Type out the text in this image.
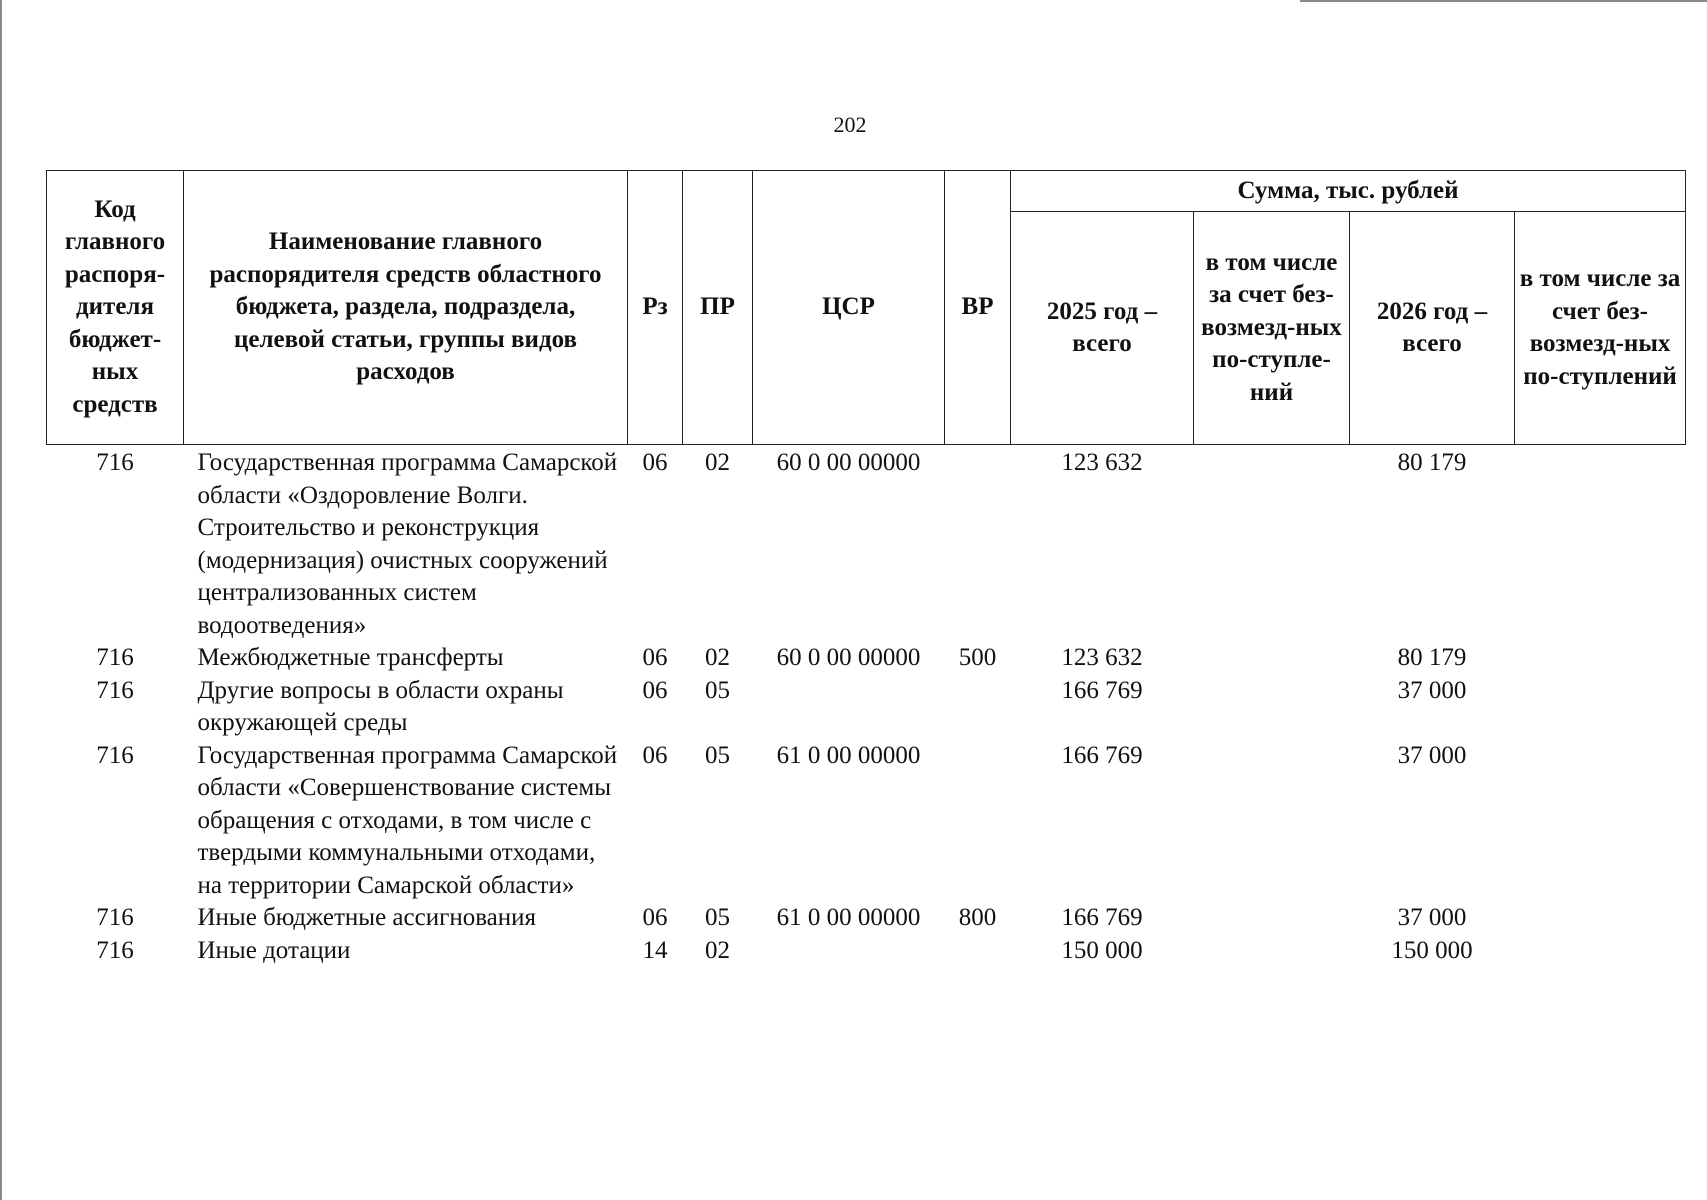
202
Код главного распоря-дителя бюджет-ных средств	Наименование главного распорядителя средств областного бюджета, раздела, подраздела, целевой статьи, группы видов расходов	Рз	ПР	ЦСР	ВР	Сумма, тыс. рублей			
						2025 год – всего	в том числе за счет без-возмезд-ных по-ступле-ний	2026 год – всего	в том числе за счет без-возмезд-ных по-ступлений
716	Государственная программа Самарской области «Оздоровление Волги. Строительство и реконструкция (модернизация) очистных сооружений централизованных систем водоотведения»	06	02	60 0 00 00000		123 632		80 179	
716	Межбюджетные трансферты	06	02	60 0 00 00000	500	123 632		80 179	
716	Другие вопросы в области охраны окружающей среды	06	05			166 769		37 000	
716	Государственная программа Самарской области «Совершенствование системы обращения с отходами, в том числе с твердыми коммунальными отходами, на территории Самарской области»	06	05	61 0 00 00000		166 769		37 000	
716	Иные бюджетные ассигнования	06	05	61 0 00 00000	800	166 769		37 000	
716	Иные дотации	14	02			150 000		150 000	
